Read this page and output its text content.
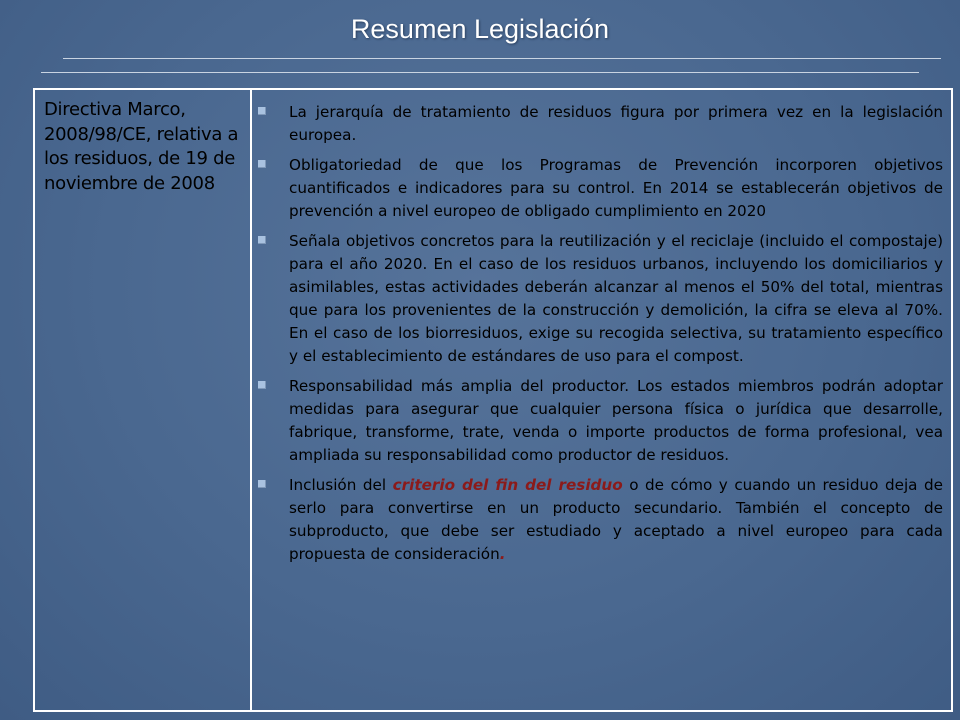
Resumen Legislación
Directiva Marco, 2008/98/CE, relativa a los residuos, de 19 de noviembre de 2008
La jerarquía de tratamiento de residuos figura por primera vez en la legislación europea.
Obligatoriedad de que los Programas de Prevención incorporen objetivos cuantificados e indicadores para su control. En 2014 se establecerán objetivos de prevención a nivel europeo de obligado cumplimiento en 2020
Señala objetivos concretos para la reutilización y el reciclaje (incluido el compostaje) para el año 2020. En el caso de los residuos urbanos, incluyendo los domiciliarios y asimilables, estas actividades deberán alcanzar al menos el 50% del total, mientras que para los provenientes de la construcción y demolición, la cifra se eleva al 70%. En el caso de los biorresiduos, exige su recogida selectiva, su tratamiento específico y el establecimiento de estándares de uso para el compost.
Responsabilidad más amplia del productor. Los estados miembros podrán adoptar medidas para asegurar que cualquier persona física o jurídica que desarrolle, fabrique, transforme, trate, venda o importe productos de forma profesional, vea ampliada su responsabilidad como productor de residuos.
Inclusión del criterio del fin del residuo o de cómo y cuando un residuo deja de serlo para convertirse en un producto secundario. También el concepto de subproducto, que debe ser estudiado y aceptado a nivel europeo para cada propuesta de consideración.
